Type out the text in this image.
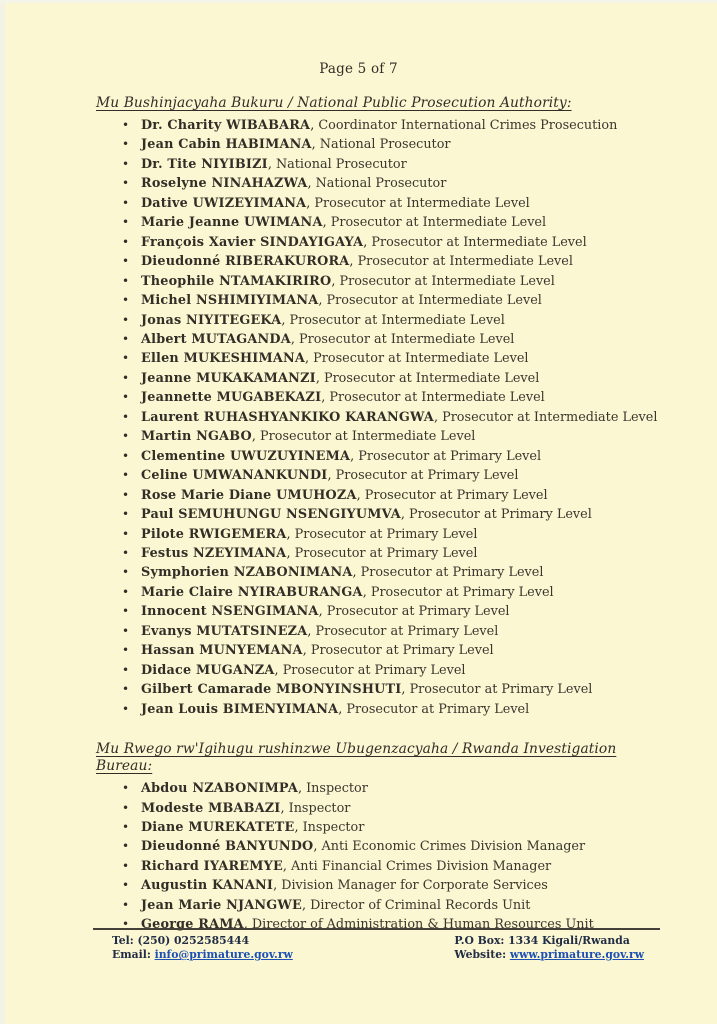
Page 5 of 7
Mu Bushinjacyaha Bukuru / National Public Prosecution Authority:
• Dr. Charity WIBABARA, Coordinator International Crimes Prosecution
• Jean Cabin HABIMANA, National Prosecutor
• Dr. Tite NIYIBIZI, National Prosecutor
• Roselyne NINAHAZWA, National Prosecutor
• Dative UWIZEYIMANA, Prosecutor at Intermediate Level
• Marie Jeanne UWIMANA, Prosecutor at Intermediate Level
• François Xavier SINDAYIGAYA, Prosecutor at Intermediate Level
• Dieudonné RIBERAKURORA, Prosecutor at Intermediate Level
• Theophile NTAMAKIRIRO, Prosecutor at Intermediate Level
• Michel NSHIMIYIMANA, Prosecutor at Intermediate Level
• Jonas NIYITEGEKA, Prosecutor at Intermediate Level
• Albert MUTAGANDA, Prosecutor at Intermediate Level
• Ellen MUKESHIMANA, Prosecutor at Intermediate Level
• Jeanne MUKAKAMANZI, Prosecutor at Intermediate Level
• Jeannette MUGABEKAZI, Prosecutor at Intermediate Level
• Laurent RUHASHYANKIKO KARANGWA, Prosecutor at Intermediate Level
• Martin NGABO, Prosecutor at Intermediate Level
• Clementine UWUZUYINEMA, Prosecutor at Primary Level
• Celine UMWANANKUNDI, Prosecutor at Primary Level
• Rose Marie Diane UMUHOZA, Prosecutor at Primary Level
• Paul SEMUHUNGU NSENGIYUMVA, Prosecutor at Primary Level
• Pilote RWIGEMERA, Prosecutor at Primary Level
• Festus NZEYIMANA, Prosecutor at Primary Level
• Symphorien NZABONIMANA, Prosecutor at Primary Level
• Marie Claire NYIRABURANGA, Prosecutor at Primary Level
• Innocent NSENGIMANA, Prosecutor at Primary Level
• Evanys MUTATSINEZA, Prosecutor at Primary Level
• Hassan MUNYEMANA, Prosecutor at Primary Level
• Didace MUGANZA, Prosecutor at Primary Level
• Gilbert Camarade MBONYINSHUTI, Prosecutor at Primary Level
• Jean Louis BIMENYIMANA, Prosecutor at Primary Level
Mu Rwego rw'Igihugu rushinzwe Ubugenzacyaha / Rwanda Investigation Bureau:
• Abdou NZABONIMPA, Inspector
• Modeste MBABAZI, Inspector
• Diane MUREKATETE, Inspector
• Dieudonné BANYUNDO, Anti Economic Crimes Division Manager
• Richard IYAREMYE, Anti Financial Crimes Division Manager
• Augustin KANANI, Division Manager for Corporate Services
• Jean Marie NJANGWE, Director of Criminal Records Unit
• George RAMA, Director of Administration & Human Resources Unit
Tel: (250) 0252585444
Email: info@primature.gov.rw
P.O Box: 1334 Kigali/Rwanda
Website: www.primature.gov.rw
